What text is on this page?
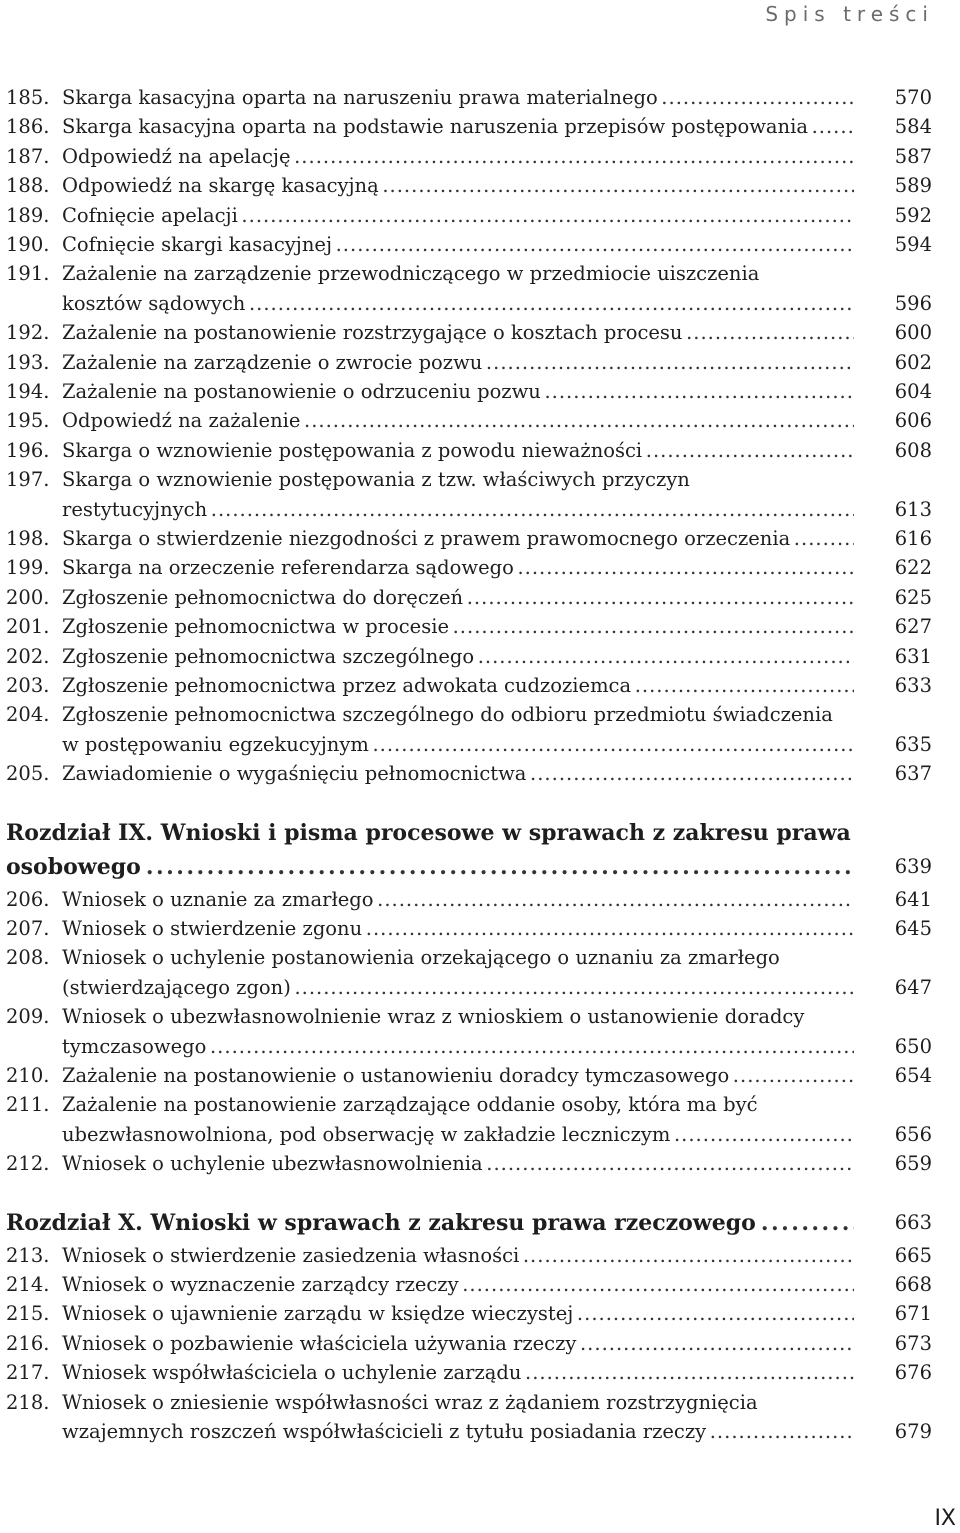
Spis treści
185. Skarga kasacyjna oparta na naruszeniu prawa materialnego . . .	570
186. Skarga kasacyjna oparta na podstawie naruszenia przepisów postępowania . . .	584
187. Odpowiedź na apelację . . .	587
188. Odpowiedź na skargę kasacyjną . . .	589
189. Cofnięcie apelacji . . .	592
190. Cofnięcie skargi kasacyjnej . . .	594
191. Zażalenie na zarządzenie przewodniczącego w przedmiocie uiszczenia
kosztów sądowych . . .	596
192. Zażalenie na postanowienie rozstrzygające o kosztach procesu . . .	600
193. Zażalenie na zarządzenie o zwrocie pozwu . . .	602
194. Zażalenie na postanowienie o odrzuceniu pozwu . . .	604
195. Odpowiedź na zażalenie . . .	606
196. Skarga o wznowienie postępowania z powodu nieważności . . .	608
197. Skarga o wznowienie postępowania z tzw. właściwych przyczyn
restytucyjnych . . .	613
198. Skarga o stwierdzenie niezgodności z prawem prawomocnego orzeczenia . . .	616
199. Skarga na orzeczenie referendarza sądowego . . .	622
200. Zgłoszenie pełnomocnictwa do doręczeń . . .	625
201. Zgłoszenie pełnomocnictwa w procesie . . .	627
202. Zgłoszenie pełnomocnictwa szczególnego . . .	631
203. Zgłoszenie pełnomocnictwa przez adwokata cudzoziemca . . .	633
204. Zgłoszenie pełnomocnictwa szczególnego do odbioru przedmiotu świadczenia
w postępowaniu egzekucyjnym . . .	635
205. Zawiadomienie o wygaśnięciu pełnomocnictwa . . .	637
Rozdział IX. Wnioski i pisma procesowe w sprawach z zakresu prawa
osobowego . . .	639
206. Wniosek o uznanie za zmarłego . . .	641
207. Wniosek o stwierdzenie zgonu . . .	645
208. Wniosek o uchylenie postanowienia orzekającego o uznaniu za zmarłego
(stwierdzającego zgon) . . .	647
209. Wniosek o ubezwłasnowolnienie wraz z wnioskiem o ustanowienie doradcy
tymczasowego . . .	650
210. Zażalenie na postanowienie o ustanowieniu doradcy tymczasowego . . .	654
211. Zażalenie na postanowienie zarządzające oddanie osoby, która ma być
ubezwłasnowolniona, pod obserwację w zakładzie leczniczym . . .	656
212. Wniosek o uchylenie ubezwłasnowolnienia . . .	659
Rozdział X. Wnioski w sprawach z zakresu prawa rzeczowego . . .	663
213. Wniosek o stwierdzenie zasiedzenia własności . . .	665
214. Wniosek o wyznaczenie zarządcy rzeczy . . .	668
215. Wniosek o ujawnienie zarządu w księdze wieczystej . . .	671
216. Wniosek o pozbawienie właściciela używania rzeczy . . .	673
217. Wniosek współwłaściciela o uchylenie zarządu . . .	676
218. Wniosek o zniesienie współwłasności wraz z żądaniem rozstrzygnięcia
wzajemnych roszczeń współwłaścicieli z tytułu posiadania rzeczy . . .	679
IX
